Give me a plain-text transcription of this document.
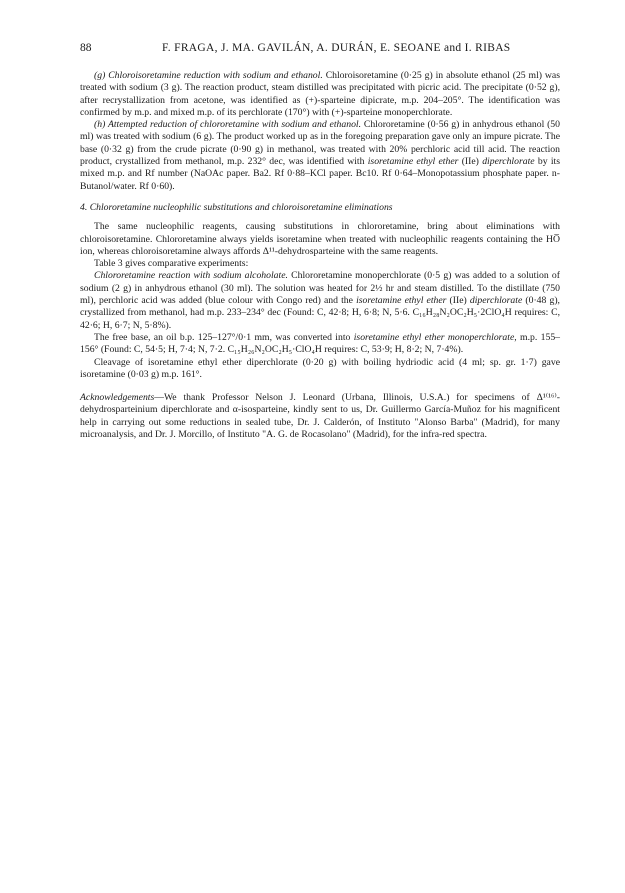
88	F. FRAGA, J. MA. GAVILÁN, A. DURÁN, E. SEOANE and I. RIBAS

(g) Chloroisoretamine reduction with sodium and ethanol. Chloroisoretamine (0·25 g) in absolute ethanol (25 ml) was treated with sodium (3 g). The reaction product, steam distilled was precipitated with picric acid. The precipitate (0·52 g), after recrystallization from acetone, was identified as (+)-sparteine dipicrate, m.p. 204–205°. The identification was confirmed by m.p. and mixed m.p. of its perchlorate (170°) with (+)-sparteine monoperchlorate.

(h) Attempted reduction of chlororetamine with sodium and ethanol. Chlororetamine (0·56 g) in anhydrous ethanol (50 ml) was treated with sodium (6 g). The product worked up as in the foregoing preparation gave only an impure picrate. The base (0·32 g) from the crude picrate (0·90 g) in methanol, was treated with 20% perchloric acid till acid. The reaction product, crystallized from methanol, m.p. 232° dec, was identified with isoretamine ethyl ether (IIe) diperchlorate by its mixed m.p. and Rf number (NaOAc paper. Ba2. Rf 0·88–KCl paper. Bc10. Rf 0·64–Monopotassium phosphate paper. n-Butanol/water. Rf 0·60).

4. Chlororetamine nucleophilic substitutions and chloroisoretamine eliminations

The same nucleophilic reagents, causing substitutions in chlororetamine, bring about eliminations with chloroisoretamine. Chlororetamine always yields isoretamine when treated with nucleophilic reagents containing the HO̅ ion, whereas chloroisoretamine always affords Δ¹¹-dehydrosparteine with the same reagents.

Table 3 gives comparative experiments:

Chlororetamine reaction with sodium alcoholate. Chlororetamine monoperchlorate (0·5 g) was added to a solution of sodium (2 g) in anhydrous ethanol (30 ml). The solution was heated for 2½ hr and steam distilled. To the distillate (750 ml), perchloric acid was added (blue colour with Congo red) and the isoretamine ethyl ether (IIe) diperchlorate (0·48 g), crystallized from methanol, had m.p. 233–234° dec (Found: C, 42·8; H, 6·8; N, 5·6. C₁₆H₂₈N₂OC₂H₅·2ClO₄H requires: C, 42·6; H, 6·7; N, 5·8%).

The free base, an oil b.p. 125–127°/0·1 mm, was converted into isoretamine ethyl ether monoperchlorate, m.p. 155–156° (Found: C, 54·5; H, 7·4; N, 7·2. C₁₅H₂₆N₂OC₂H₅·ClO₄H requires: C, 53·9; H, 8·2; N, 7·4%).

Cleavage of isoretamine ethyl ether diperchlorate (0·20 g) with boiling hydriodic acid (4 ml; sp. gr. 1·7) gave isoretamine (0·03 g) m.p. 161°.

Acknowledgements—We thank Professor Nelson J. Leonard (Urbana, Illinois, U.S.A.) for specimens of Δ¹⁽¹⁶⁾-dehydrosparteinium diperchlorate and α-isosparteine, kindly sent to us, Dr. Guillermo García-Muñoz for his magnificent help in carrying out some reductions in sealed tube, Dr. J. Calderón, of Instituto "Alonso Barba" (Madrid), for many microanalysis, and Dr. J. Morcillo, of Instituto "A. G. de Rocasolano" (Madrid), for the infra-red spectra.
